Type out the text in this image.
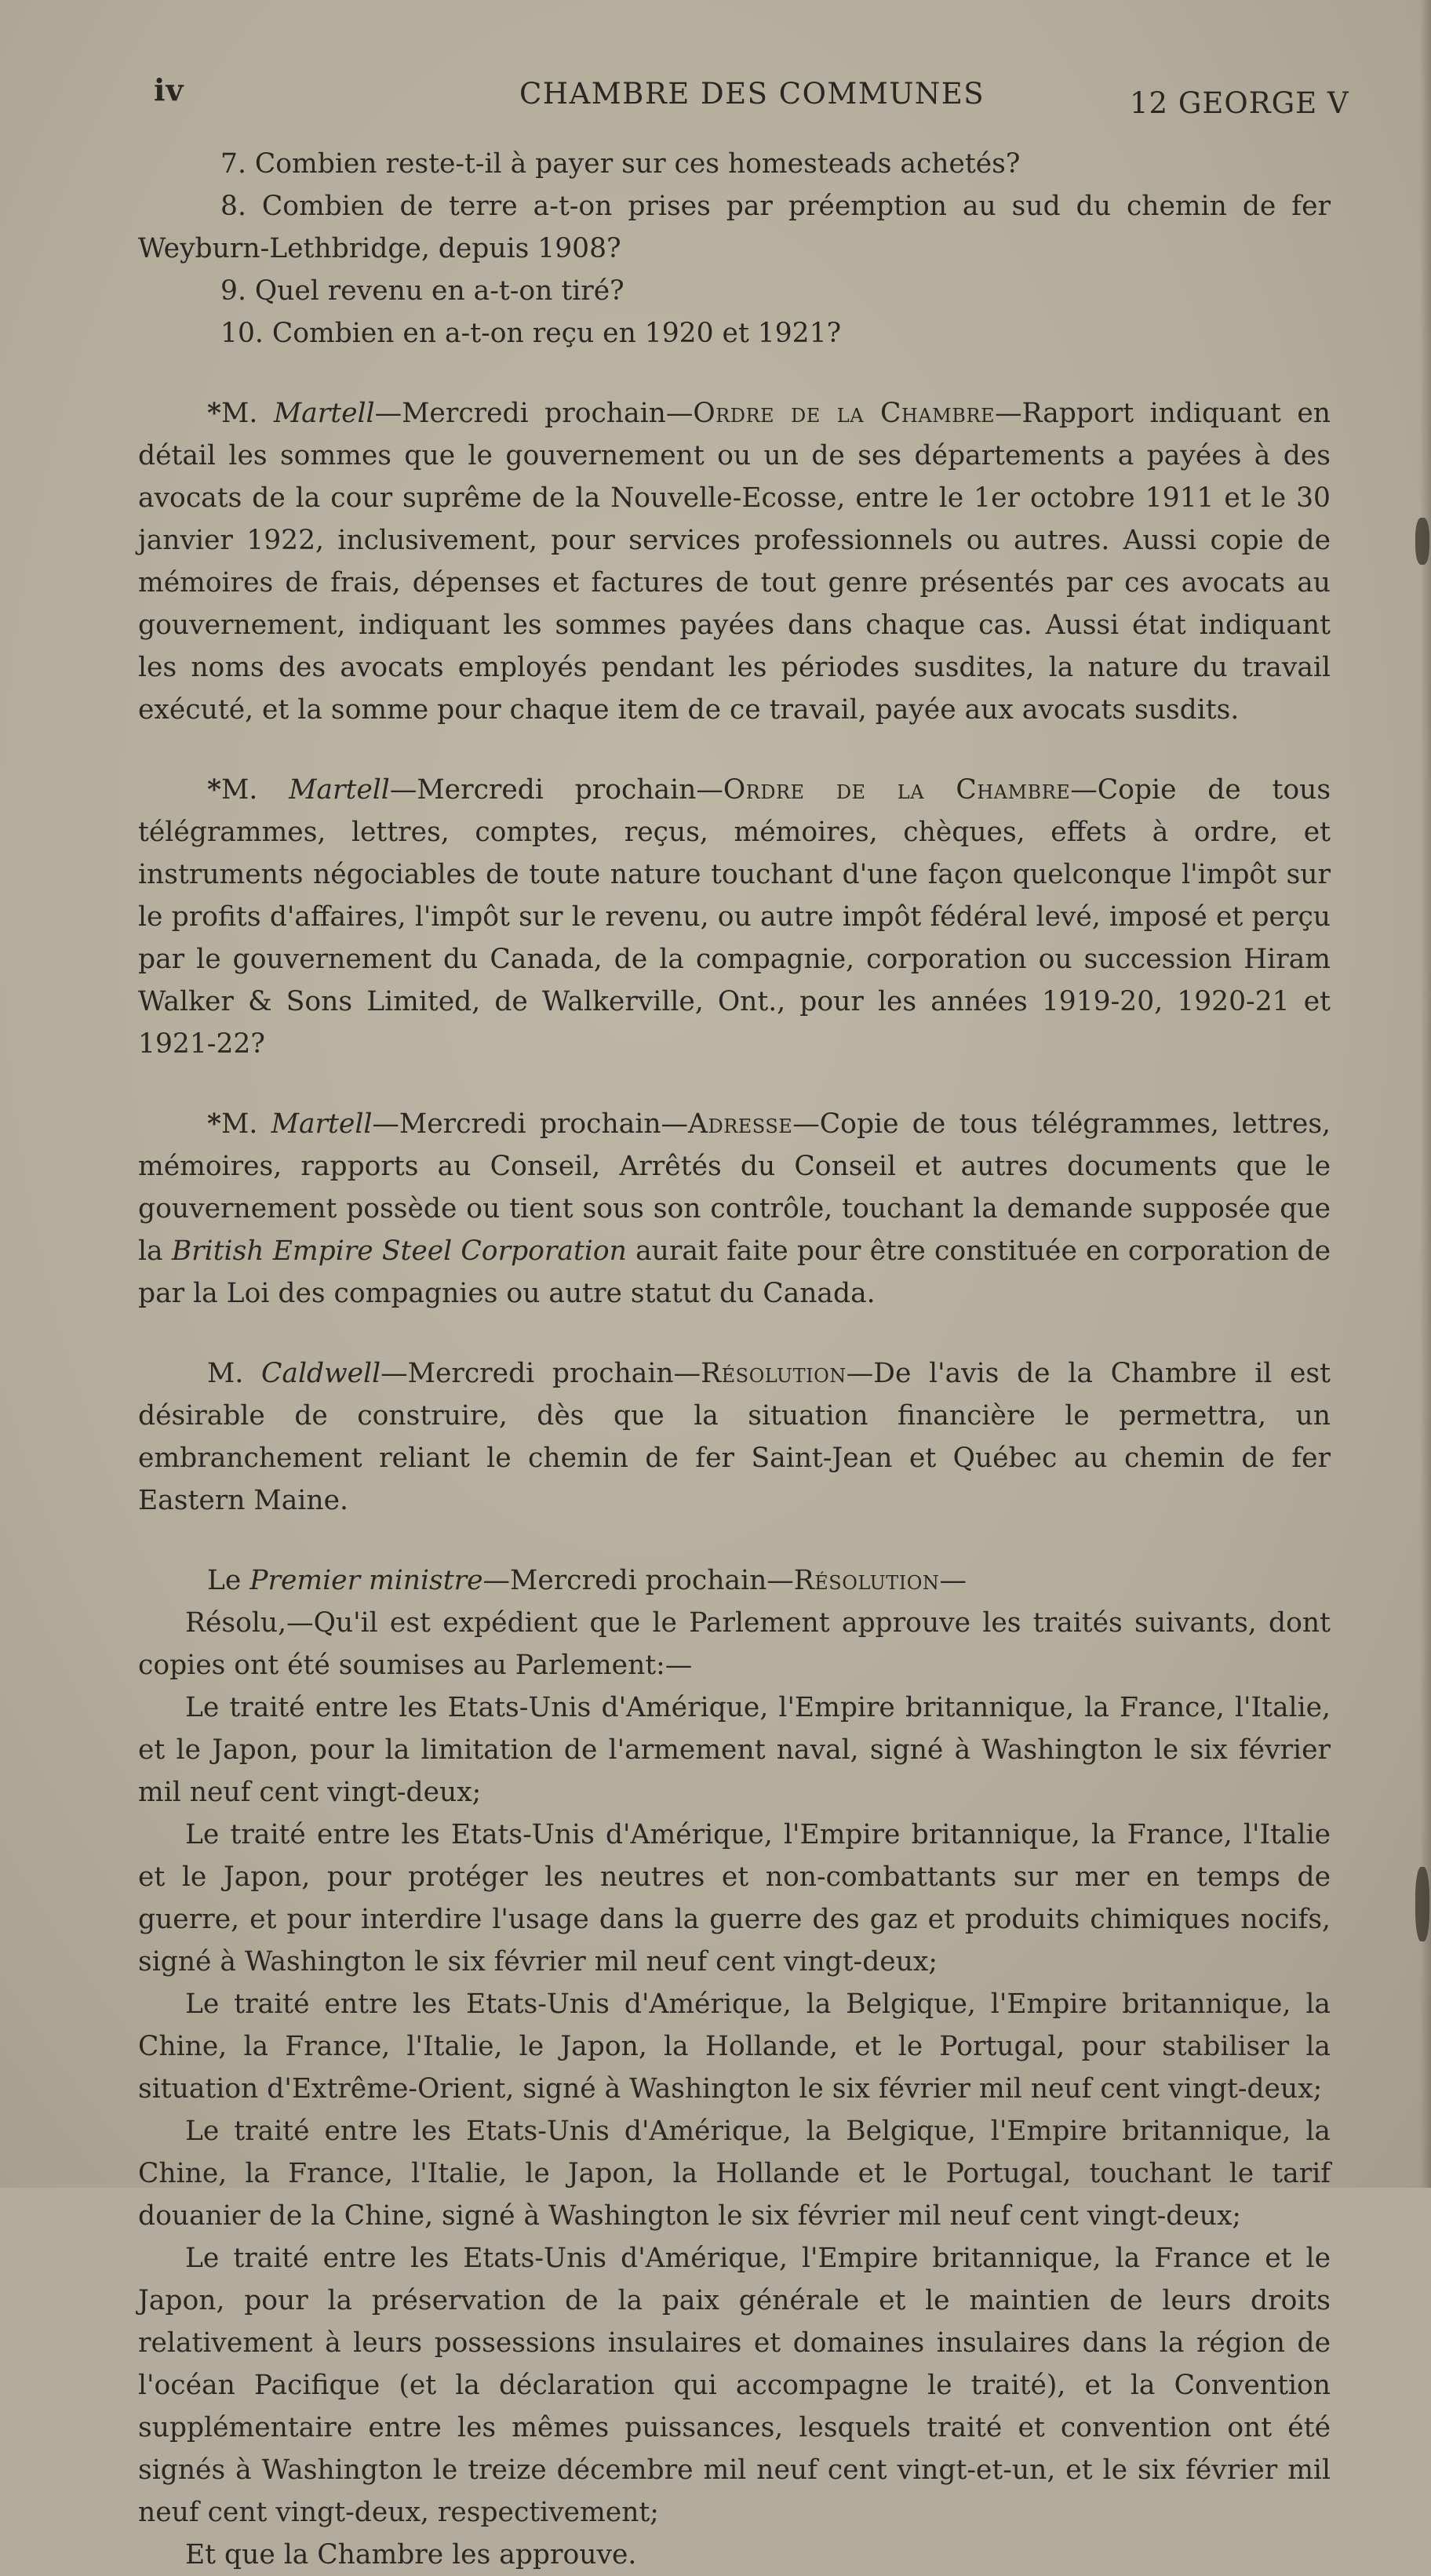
iv	CHAMBRE DES COMMUNES	12 GEORGE V

7. Combien reste-t-il à payer sur ces homesteads achetés?

8. Combien de terre a-t-on prises par préemption au sud du chemin de fer Weyburn-Lethbridge, depuis 1908?

9. Quel revenu en a-t-on tiré?

10. Combien en a-t-on reçu en 1920 et 1921?

*M. Martell—Mercredi prochain—Ordre de la Chambre—Rapport indiquant en détail les sommes que le gouvernement ou un de ses départements a payées à des avocats de la cour suprême de la Nouvelle-Ecosse, entre le 1er octobre 1911 et le 30 janvier 1922, inclusivement, pour services professionnels ou autres. Aussi copie de mémoires de frais, dépenses et factures de tout genre présentés par ces avocats au gouvernement, indiquant les sommes payées dans chaque cas. Aussi état indiquant les noms des avocats employés pendant les périodes susdites, la nature du travail exécuté, et la somme pour chaque item de ce travail, payée aux avocats susdits.

*M. Martell—Mercredi prochain—Ordre de la Chambre—Copie de tous télégrammes, lettres, comptes, reçus, mémoires, chèques, effets à ordre, et instruments négociables de toute nature touchant d'une façon quelconque l'impôt sur le profits d'affaires, l'impôt sur le revenu, ou autre impôt fédéral levé, imposé et perçu par le gouvernement du Canada, de la compagnie, corporation ou succession Hiram Walker & Sons Limited, de Walkerville, Ont., pour les années 1919-20, 1920-21 et 1921-22?

*M. Martell—Mercredi prochain—Adresse—Copie de tous télégrammes, lettres, mémoires, rapports au Conseil, Arrêtés du Conseil et autres documents que le gouvernement possède ou tient sous son contrôle, touchant la demande supposée que la British Empire Steel Corporation aurait faite pour être constituée en corporation de par la Loi des compagnies ou autre statut du Canada.

M. Caldwell—Mercredi prochain—Résolution—De l'avis de la Chambre il est désirable de construire, dès que la situation financière le permettra, un embranchement reliant le chemin de fer Saint-Jean et Québec au chemin de fer Eastern Maine.

Le Premier ministre—Mercredi prochain—Résolution—

Résolu,—Qu'il est expédient que le Parlement approuve les traités suivants, dont copies ont été soumises au Parlement:—

Le traité entre les Etats-Unis d'Amérique, l'Empire britannique, la France, l'Italie, et le Japon, pour la limitation de l'armement naval, signé à Washington le six février mil neuf cent vingt-deux;

Le traité entre les Etats-Unis d'Amérique, l'Empire britannique, la France, l'Italie et le Japon, pour protéger les neutres et non-combattants sur mer en temps de guerre, et pour interdire l'usage dans la guerre des gaz et produits chimiques nocifs, signé à Washington le six février mil neuf cent vingt-deux;

Le traité entre les Etats-Unis d'Amérique, la Belgique, l'Empire britannique, la Chine, la France, l'Italie, le Japon, la Hollande, et le Portugal, pour stabiliser la situation d'Extrême-Orient, signé à Washington le six février mil neuf cent vingt-deux;

Le traité entre les Etats-Unis d'Amérique, la Belgique, l'Empire britannique, la Chine, la France, l'Italie, le Japon, la Hollande et le Portugal, touchant le tarif douanier de la Chine, signé à Washington le six février mil neuf cent vingt-deux;

Le traité entre les Etats-Unis d'Amérique, l'Empire britannique, la France et le Japon, pour la préservation de la paix générale et le maintien de leurs droits relativement à leurs possessions insulaires et domaines insulaires dans la région de l'océan Pacifique (et la déclaration qui accompagne le traité), et la Convention supplémentaire entre les mêmes puissances, lesquels traité et convention ont été signés à Washington le treize décembre mil neuf cent vingt-et-un, et le six février mil neuf cent vingt-deux, respectivement;

Et que la Chambre les approuve.
